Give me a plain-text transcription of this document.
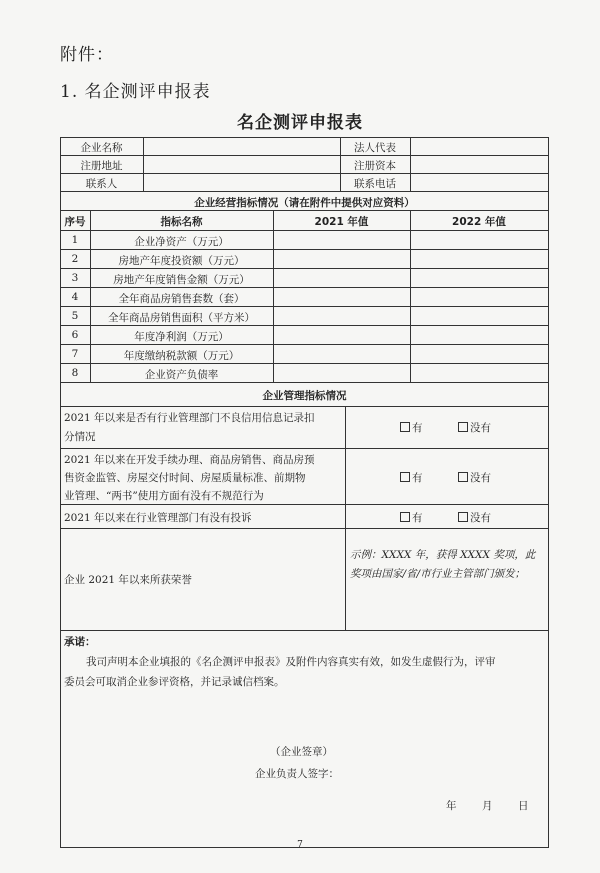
附件：
1. 名企测评申报表
名企测评申报表
企业名称	法人代表
注册地址	注册资本
联系人	联系电话
企业经营指标情况（请在附件中提供对应资料）
序号	指标名称	2021 年值	2022 年值
1	企业净资产（万元）
2	房地产年度投资额（万元）
3	房地产年度销售金额（万元）
4	全年商品房销售套数（套）
5	全年商品房销售面积（平方米）
6	年度净利润（万元）
7	年度缴纳税款额（万元）
8	企业资产负债率
企业管理指标情况
2021 年以来是否有行业管理部门不良信用信息记录扣
分情况
有	没有
2021 年以来在开发手续办理、商品房销售、商品房预
售资金监管、房屋交付时间、房屋质量标准、前期物
业管理、“两书”使用方面有没有不规范行为
有	没有
2021 年以来在行业管理部门有没有投诉	有	没有
企业 2021 年以来所获荣誉
示例：XXXX 年，获得 XXXX 奖项，此奖项由国家/省/市行业主管部门颁发；
承诺：
我司声明本企业填报的《名企测评申报表》及附件内容真实有效，如发生虚假行为，评审
委员会可取消企业参评资格，并记录诚信档案。
（企业签章）
企业负责人签字：
年 月 日
7
